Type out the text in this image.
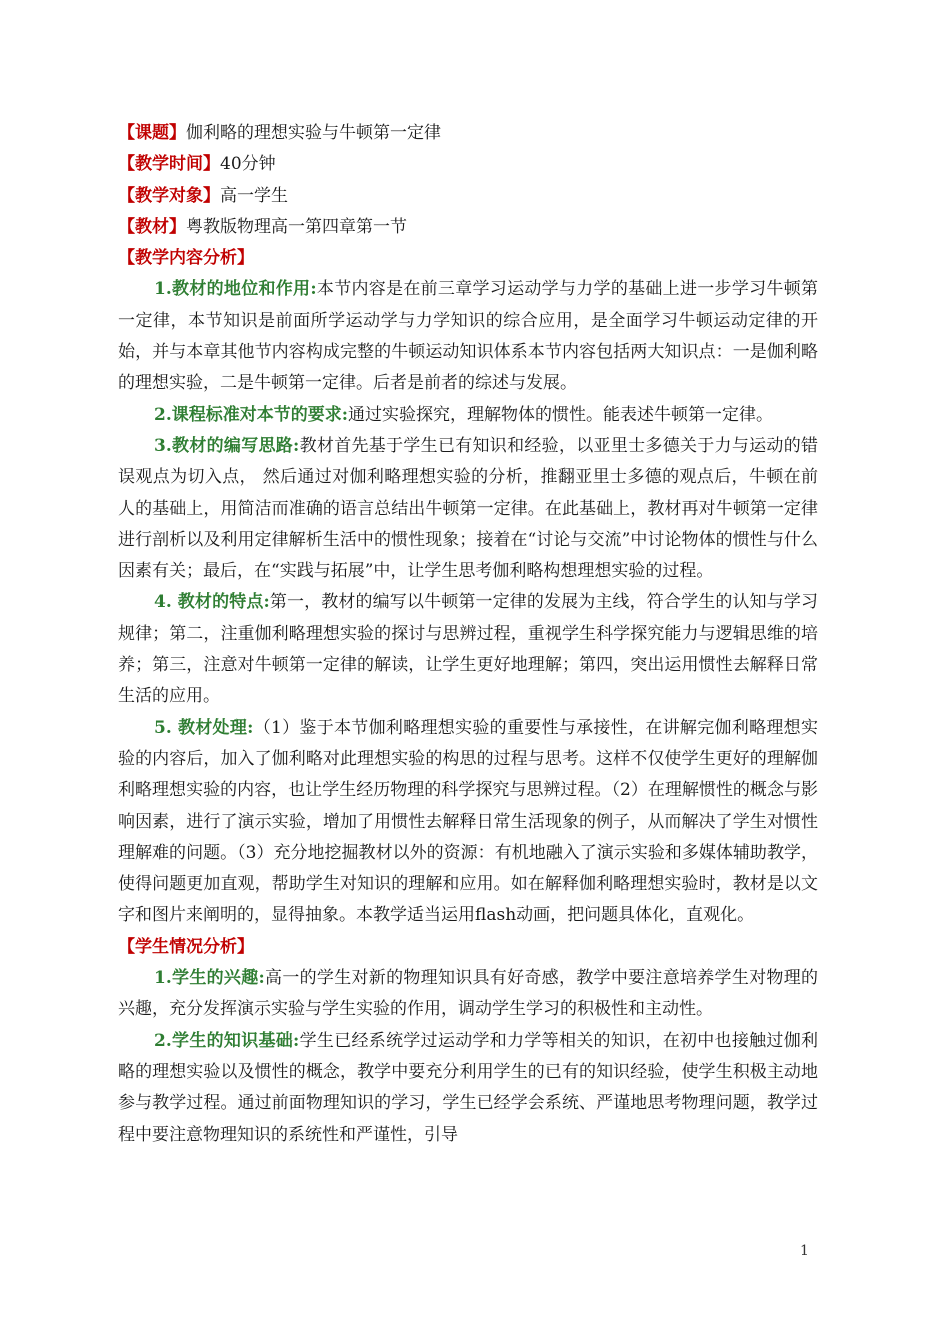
【课题】伽利略的理想实验与牛顿第一定律
【教学时间】40分钟
【教学对象】高一学生
【教材】粤教版物理高一第四章第一节
【教学内容分析】
1.教材的地位和作用:本节内容是在前三章学习运动学与力学的基础上进一步学习牛顿第一定律，本节知识是前面所学运动学与力学知识的综合应用，是全面学习牛顿运动定律的开始，并与本章其他节内容构成完整的牛顿运动知识体系本节内容包括两大知识点：一是伽利略的理想实验，二是牛顿第一定律。后者是前者的综述与发展。
2.课程标准对本节的要求:通过实验探究，理解物体的惯性。能表述牛顿第一定律。
3.教材的编写思路:教材首先基于学生已有知识和经验，以亚里士多德关于力与运动的错误观点为切入点， 然后通过对伽利略理想实验的分析，推翻亚里士多德的观点后，牛顿在前人的基础上，用简洁而准确的语言总结出牛顿第一定律。在此基础上，教材再对牛顿第一定律进行剖析以及利用定律解析生活中的惯性现象；接着在“讨论与交流”中讨论物体的惯性与什么因素有关；最后，在“实践与拓展”中，让学生思考伽利略构想理想实验的过程。
4. 教材的特点:第一，教材的编写以牛顿第一定律的发展为主线，符合学生的认知与学习规律；第二，注重伽利略理想实验的探讨与思辨过程，重视学生科学探究能力与逻辑思维的培养；第三，注意对牛顿第一定律的解读，让学生更好地理解；第四，突出运用惯性去解释日常生活的应用。
5. 教材处理:（1）鉴于本节伽利略理想实验的重要性与承接性，在讲解完伽利略理想实验的内容后，加入了伽利略对此理想实验的构思的过程与思考。这样不仅使学生更好的理解伽利略理想实验的内容，也让学生经历物理的科学探究与思辨过程。（2）在理解惯性的概念与影响因素，进行了演示实验，增加了用惯性去解释日常生活现象的例子，从而解决了学生对惯性理解难的问题。（3）充分地挖掘教材以外的资源：有机地融入了演示实验和多媒体辅助教学，使得问题更加直观，帮助学生对知识的理解和应用。如在解释伽利略理想实验时，教材是以文字和图片来阐明的，显得抽象。本教学适当运用flash动画，把问题具体化，直观化。
【学生情况分析】
1.学生的兴趣:高一的学生对新的物理知识具有好奇感，教学中要注意培养学生对物理的兴趣，充分发挥演示实验与学生实验的作用，调动学生学习的积极性和主动性。
2.学生的知识基础:学生已经系统学过运动学和力学等相关的知识，在初中也接触过伽利略的理想实验以及惯性的概念，教学中要充分利用学生的已有的知识经验，使学生积极主动地参与教学过程。通过前面物理知识的学习，学生已经学会系统、严谨地思考物理问题，教学过程中要注意物理知识的系统性和严谨性，引导
1
